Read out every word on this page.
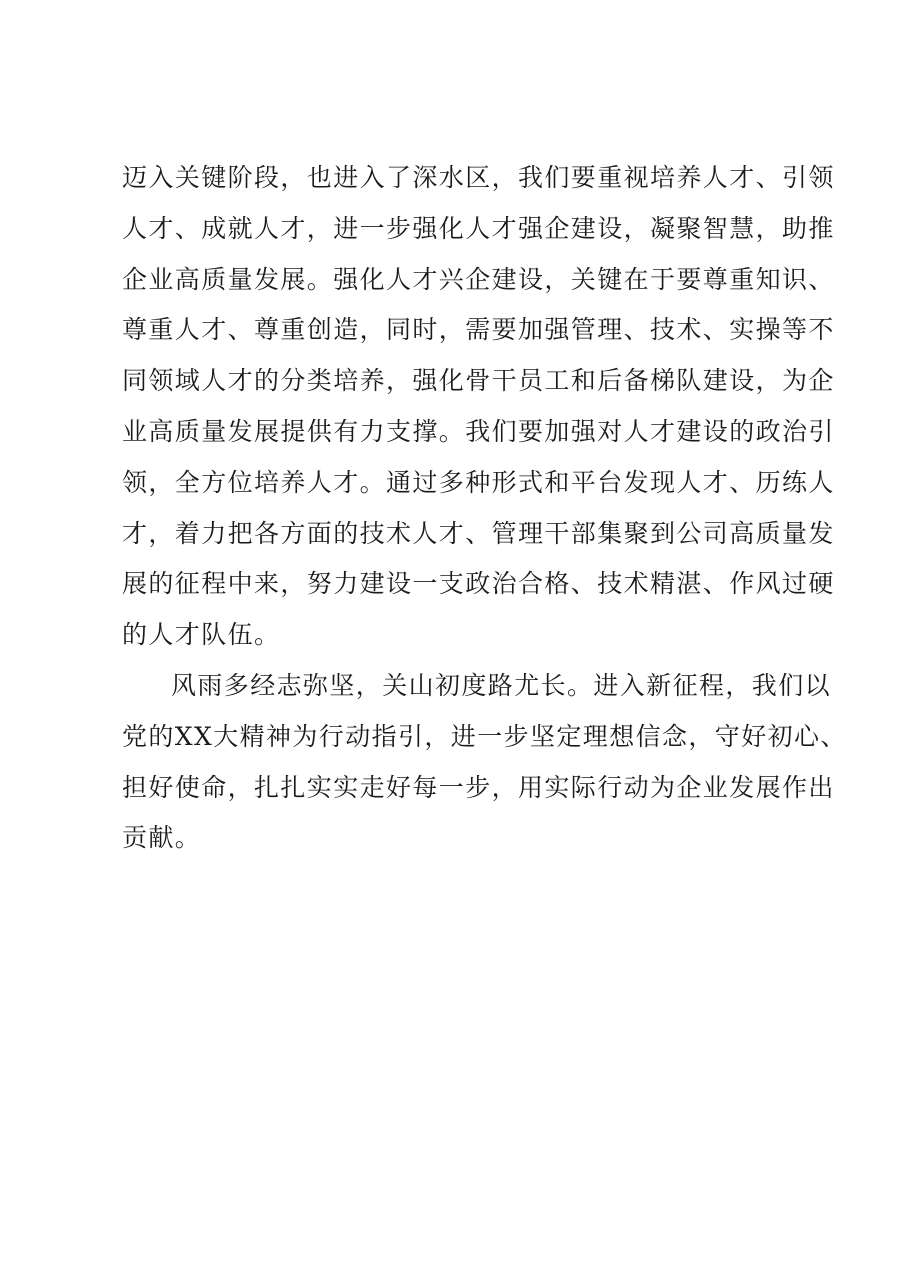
迈入关键阶段，也进入了深水区，我们要重视培养人才、引领
人才、成就人才，进一步强化人才强企建设，凝聚智慧，助推
企业高质量发展。强化人才兴企建设，关键在于要尊重知识、
尊重人才、尊重创造，同时，需要加强管理、技术、实操等不
同领域人才的分类培养，强化骨干员工和后备梯队建设，为企
业高质量发展提供有力支撑。我们要加强对人才建设的政治引
领，全方位培养人才。通过多种形式和平台发现人才、历练人
才，着力把各方面的技术人才、管理干部集聚到公司高质量发
展的征程中来，努力建设一支政治合格、技术精湛、作风过硬
的人才队伍。
风雨多经志弥坚，关山初度路尤长。进入新征程，我们以
党的XX大精神为行动指引，进一步坚定理想信念，守好初心、
担好使命，扎扎实实走好每一步，用实际行动为企业发展作出
贡献。
